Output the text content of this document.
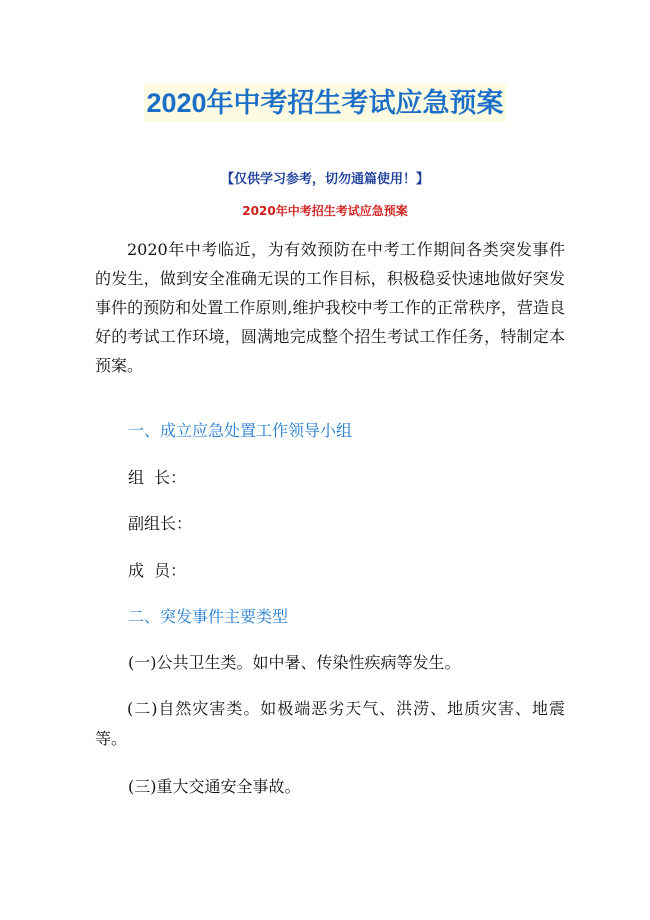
2020年中考招生考试应急预案
【仅供学习参考，切勿通篇使用！】
2020年中考招生考试应急预案
2020年中考临近，为有效预防在中考工作期间各类突发事件的发生，做到安全准确无误的工作目标，积极稳妥快速地做好突发事件的预防和处置工作原则,维护我校中考工作的正常秩序，营造良好的考试工作环境，圆满地完成整个招生考试工作任务，特制定本预案。
一、成立应急处置工作领导小组
组  长：
副组长：
成  员：
二、突发事件主要类型
(一)公共卫生类。如中暑、传染性疾病等发生。
(二)自然灾害类。如极端恶劣天气、洪涝、地质灾害、地震等。
(三)重大交通安全事故。
